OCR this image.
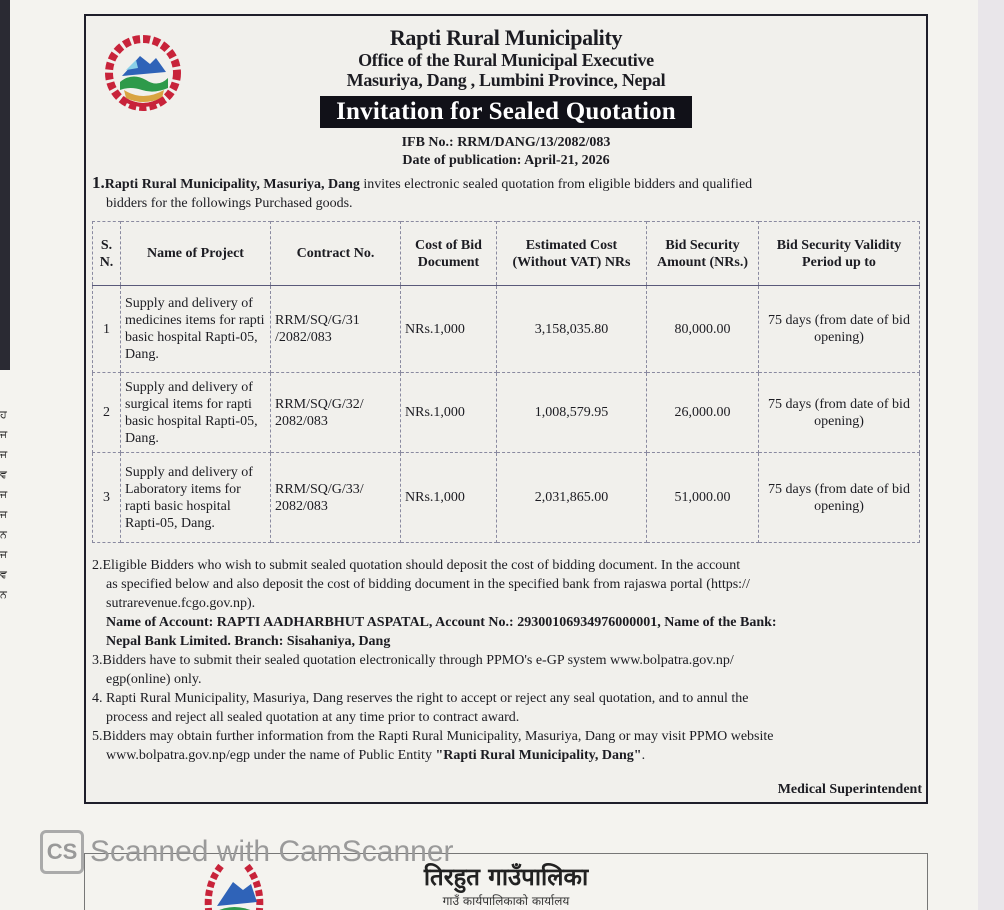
ਹ
ਜ
ਜ
ਵ
ਜ
ਜ
ਨ
ਜ
ਵ
ਨ
Rapti Rural Municipality
Office of the Rural Municipal Executive
Masuriya, Dang , Lumbini Province, Nepal
Invitation for Sealed Quotation
IFB No.: RRM/DANG/13/2082/083
Date of publication: April-21, 2026
1.Rapti Rural Municipality, Masuriya, Dang invites electronic sealed quotation from eligible bidders and qualified
bidders for the followings Purchased goods.
S. N.	Name of Project	Contract No.	Cost of Bid Document	Estimated Cost (Without VAT) NRs	Bid Security Amount (NRs.)	Bid Security Validity Period up to
1	Supply and delivery of medicines items for rapti basic hospital Rapti-05, Dang.	RRM/SQ/G/31 /2082/083	NRs.1,000	3,158,035.80	80,000.00	75 days (from date of bid opening)
2	Supply and delivery of surgical items for rapti basic hospital Rapti-05, Dang.	RRM/SQ/G/32/ 2082/083	NRs.1,000	1,008,579.95	26,000.00	75 days (from date of bid opening)
3	Supply and delivery of Laboratory items for rapti basic hospital Rapti-05, Dang.	RRM/SQ/G/33/ 2082/083	NRs.1,000	2,031,865.00	51,000.00	75 days (from date of bid opening)

2.Eligible Bidders who wish to submit sealed quotation should deposit the cost of bidding document. In the account

as specified below and also deposit the cost of bidding document in the specified bank from rajaswa portal (https://

sutrarevenue.fcgo.gov.np).

Name of Account: RAPTI AADHARBHUT ASPATAL, Account No.: 29300106934976000001, Name of the Bank:

Nepal Bank Limited. Branch: Sisahaniya, Dang

3.Bidders have to submit their sealed quotation electronically through PPMO's e-GP system www.bolpatra.gov.np/

egp(online) only.

4. Rapti Rural Municipality, Masuriya, Dang reserves the right to accept or reject any seal quotation, and to annul the

process and reject all sealed quotation at any time prior to contract award.

5.Bidders may obtain further information from the Rapti Rural Municipality, Masuriya, Dang or may visit PPMO website

www.bolpatra.gov.np/egp under the name of Public Entity "Rapti Rural Municipality, Dang".

Medical Superintendent
CS Scanned with CamScanner
तिरहुत गाउँपालिका
गाउँ कार्यपालिकाको कार्यालय
